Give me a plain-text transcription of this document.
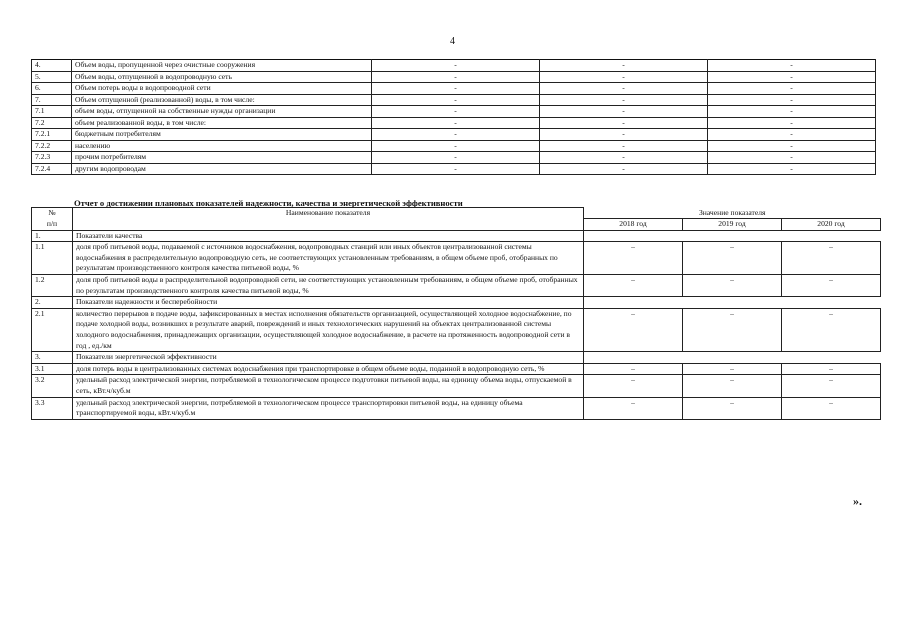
4
4.	Объем воды, пропущенной через очистные сооружения	-	-	-
5.	Объем воды, отпущенной в водопроводную сеть	-	-	-
6.	Объем потерь воды в водопроводной сети	-	-	-
7.	Объем отпущенной (реализованной) воды, в том числе:	-	-	-
7.1	объем воды, отпущенной на собственные нужды организации	-	-	-
7.2	объем реализованной воды, в том числе:	-	-	-
7.2.1	бюджетным потребителям	-	-	-
7.2.2	населению	-	-	-
7.2.3	прочим потребителям	-	-	-
7.2.4	другим водопроводам	-	-	-
Отчет о достижении плановых показателей надежности, качества и энергетической эффективности
№
п/п	Наименование показателя	Значение показателя		
		2018 год	2019 год	2020 год
1.	Показатели качества			
1.1	доля проб питьевой воды, подаваемой с источников водоснабжения, водопроводных станций или иных объектов централизованной системы водоснабжения в распределительную водопроводную сеть, не соответствующих установленным требованиям, в общем объеме проб, отобранных по результатам производственного контроля качества питьевой воды, %	–	–	–
1.2	доля проб питьевой воды в распределительной водопроводной сети, не соответствующих установленным требованиям, в общем объеме проб, отобранных по результатам производственного контроля качества питьевой воды, %	–	–	–
2.	Показатели надежности и бесперебойности			
2.1	количество перерывов в подаче воды, зафиксированных в местах исполнения обязательств организацией, осуществляющей холодное водоснабжение, по подаче холодной воды, возникших в результате аварий, повреждений и иных технологических нарушений на объектах централизованной системы холодного водоснабжения, принадлежащих организации, осуществляющей холодное водоснабжение, в расчете на протяженность водопроводной сети в год , ед./км	–	–	–
3.	Показатели энергетической эффективности			
3.1	доля потерь воды в централизованных системах водоснабжения при транспортировке в общем объеме воды, поданной в водопроводную сеть, %	–	–	–
3.2	удельный расход электрической энергии, потребляемой в технологическом процессе подготовки питьевой воды, на единицу объема воды, отпускаемой в сеть, кВт.ч/куб.м	–	–	–
3.3	удельный расход электрической энергии, потребляемой в технологическом процессе транспортировки питьевой воды, на единицу объема транспортируемой воды, кВт.ч/куб.м	–	–	–
».
